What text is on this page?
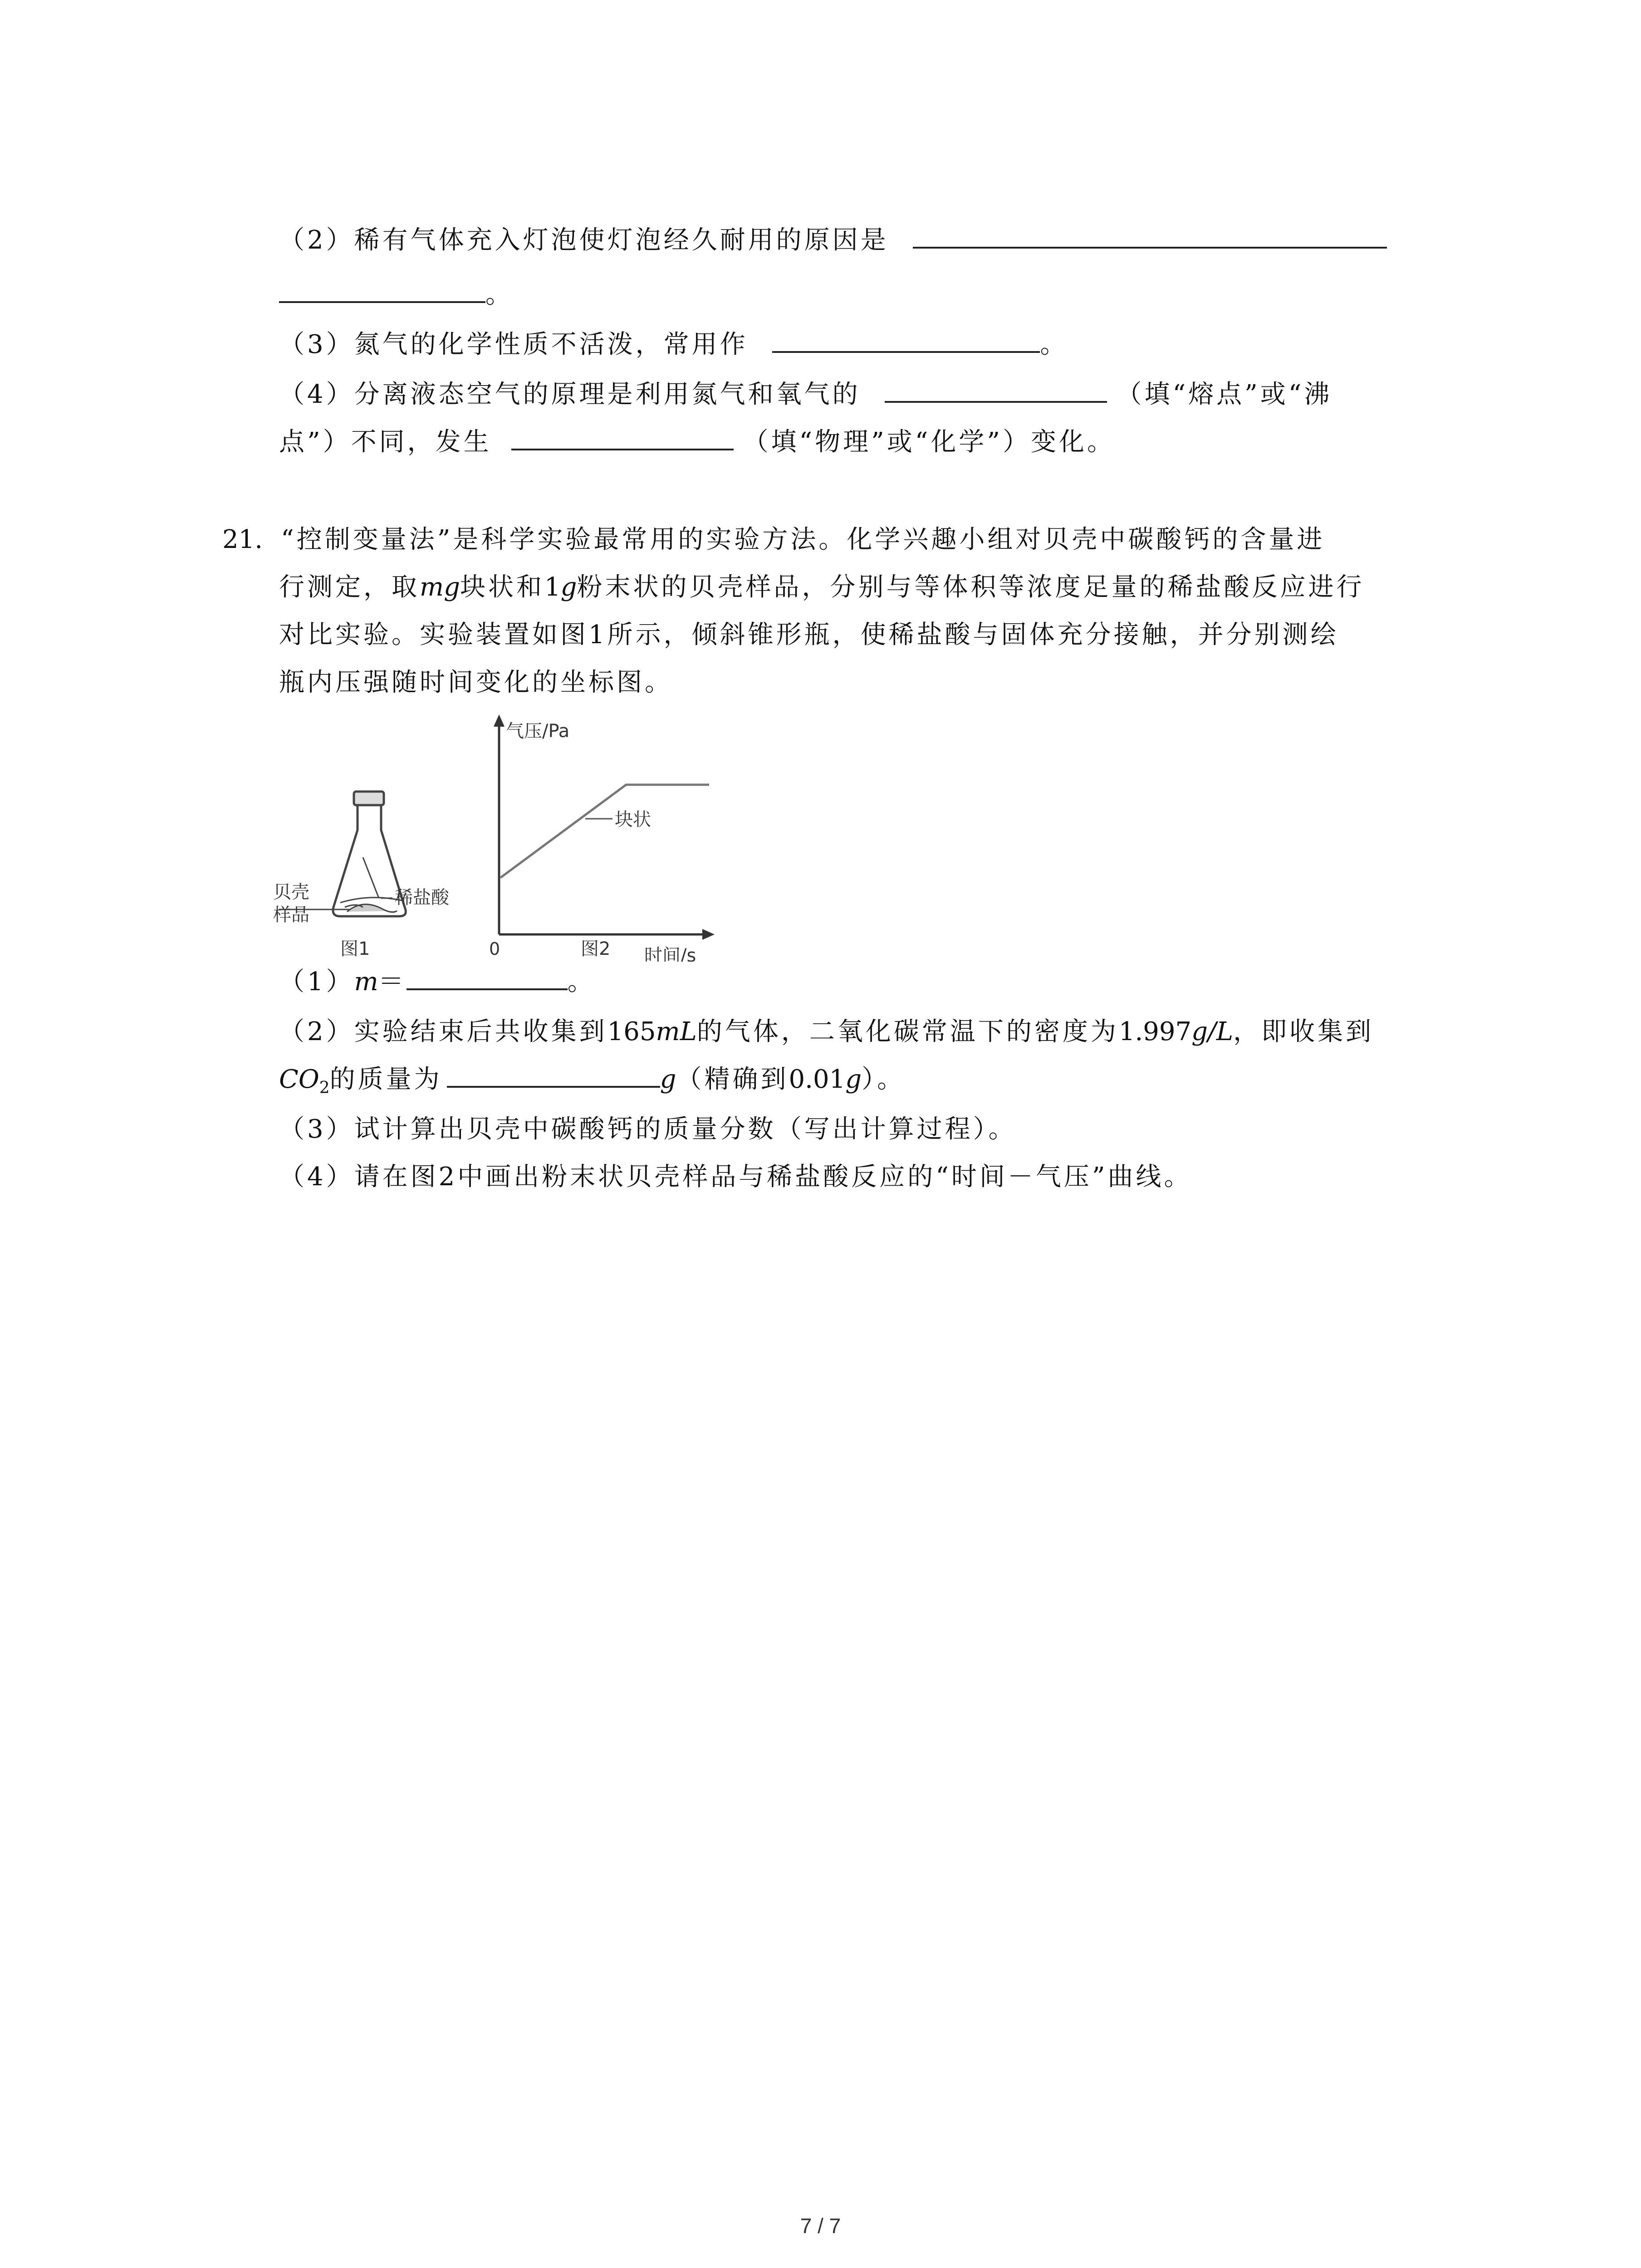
（2）稀有气体充入灯泡使灯泡经久耐用的原因是
。
（3）氮气的化学性质不活泼，常用作	。
（4）分离液态空气的原理是利用氮气和氧气的	（填“熔点”或“沸
点”）不同，发生	（填“物理”或“化学”）变化。
21. “控制变量法”是科学实验最常用的实验方法。化学兴趣小组对贝壳中碳酸钙的含量进
行测定，取mg块状和1g粉末状的贝壳样品，分别与等体积等浓度足量的稀盐酸反应进行
对比实验。实验装置如图1所示，倾斜锥形瓶，使稀盐酸与固体充分接触，并分别测绘
瓶内压强随时间变化的坐标图。
贝壳
样品
稀盐酸
图1
气压/Pa
时间/s
0
块状
图2
（1）m＝	。
（2）实验结束后共收集到165mL的气体，二氧化碳常温下的密度为1.997g/L，即收集到
$CO_2$的质量为	g（精确到0.01g）。
（3）试计算出贝壳中碳酸钙的质量分数（写出计算过程）。
（4）请在图2中画出粉末状贝壳样品与稀盐酸反应的“时间－气压”曲线。
7 / 7
